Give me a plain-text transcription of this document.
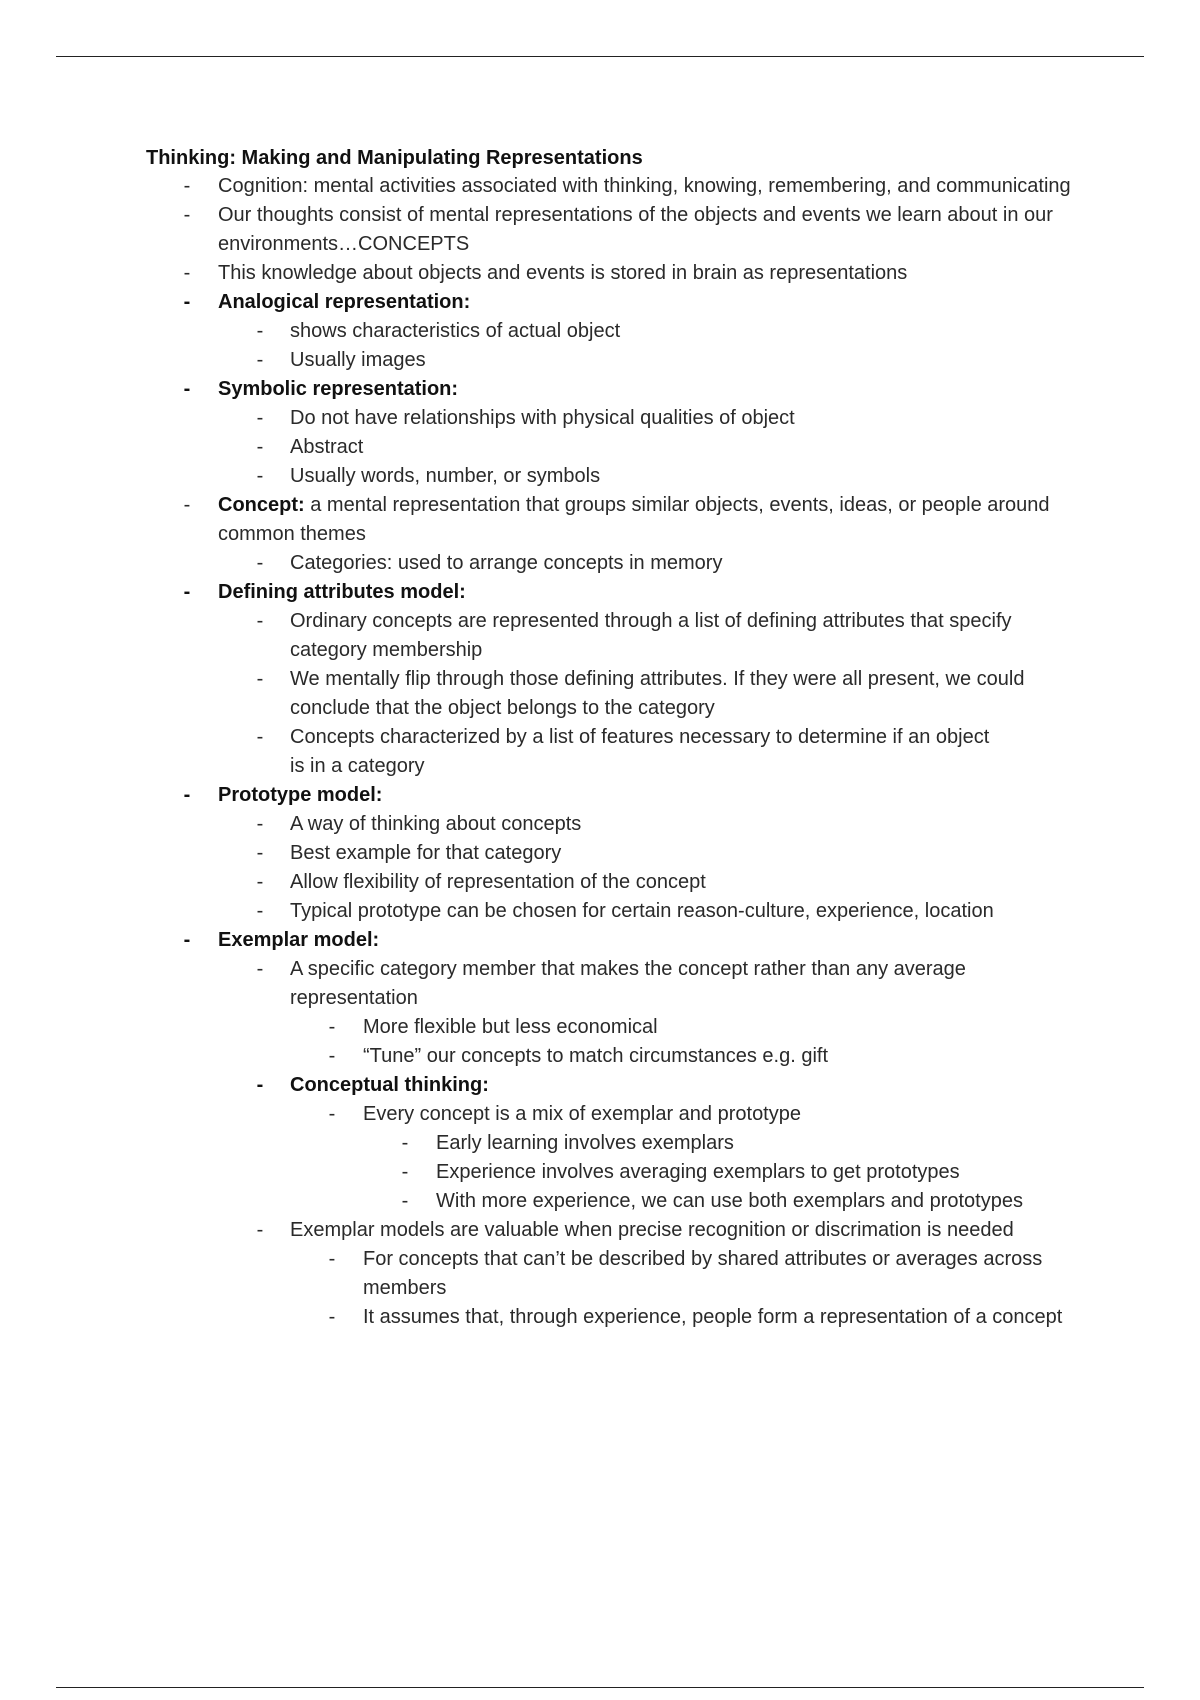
Thinking: Making and Manipulating Representations
-	Cognition: mental activities associated with thinking, knowing, remembering, and communicating
-	Our thoughts consist of mental representations of the objects and events we learn about in our environments…CONCEPTS
-	This knowledge about objects and events is stored in brain as representations
-	Analogical representation:
-	shows characteristics of actual object
-	Usually images
-	Symbolic representation:
-	Do not have relationships with physical qualities of object
-	Abstract
-	Usually words, number, or symbols
-	Concept: a mental representation that groups similar objects, events, ideas, or people around common themes
-	Categories: used to arrange concepts in memory
-	Defining attributes model:
-	Ordinary concepts are represented through a list of defining attributes that specify category membership
-	We mentally flip through those defining attributes. If they were all present, we could conclude that the object belongs to the category
-	Concepts characterized by a list of features necessary to determine if an object is in a category
-	Prototype model:
-	A way of thinking about concepts
-	Best example for that category
-	Allow flexibility of representation of the concept
-	Typical prototype can be chosen for certain reason-culture, experience, location
-	Exemplar model:
-	A specific category member that makes the concept rather than any average representation
-	More flexible but less economical
-	“Tune” our concepts to match circumstances e.g. gift
-	Conceptual thinking:
-	Every concept is a mix of exemplar and prototype
-	Early learning involves exemplars
-	Experience involves averaging exemplars to get prototypes
-	With more experience, we can use both exemplars and prototypes
-	Exemplar models are valuable when precise recognition or discrimation is needed
-	For concepts that can’t be described by shared attributes or averages across members
-	It assumes that, through experience, people form a representation of a concept
